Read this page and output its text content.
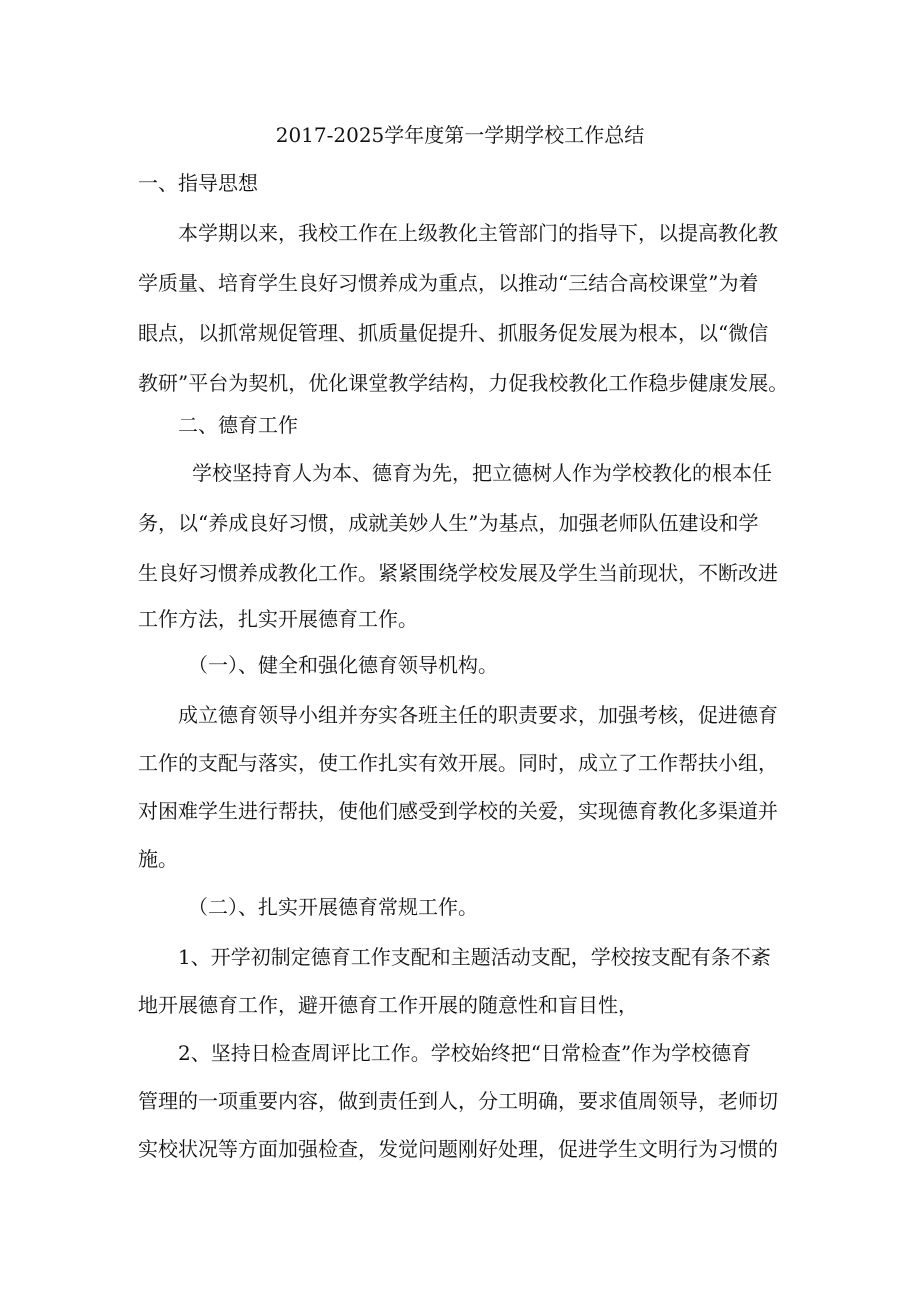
2017-2025学年度第一学期学校工作总结
一、指导思想
本学期以来，我校工作在上级教化主管部门的指导下，以提高教化教
学质量、培育学生良好习惯养成为重点，以推动“三结合高校课堂”为着
眼点，以抓常规促管理、抓质量促提升、抓服务促发展为根本，以“微信
教研”平台为契机，优化课堂教学结构，力促我校教化工作稳步健康发展。
二、德育工作
学校坚持育人为本、德育为先，把立德树人作为学校教化的根本任
务，以“养成良好习惯，成就美妙人生”为基点，加强老师队伍建设和学
生良好习惯养成教化工作。紧紧围绕学校发展及学生当前现状，不断改进
工作方法，扎实开展德育工作。
（一）、健全和强化德育领导机构。
成立德育领导小组并夯实各班主任的职责要求，加强考核，促进德育
工作的支配与落实，使工作扎实有效开展。同时，成立了工作帮扶小组，
对困难学生进行帮扶，使他们感受到学校的关爱，实现德育教化多渠道并
施。
（二）、扎实开展德育常规工作。
1、开学初制定德育工作支配和主题活动支配，学校按支配有条不紊
地开展德育工作，避开德育工作开展的随意性和盲目性，
2、坚持日检查周评比工作。学校始终把“日常检查”作为学校德育
管理的一项重要内容，做到责任到人，分工明确，要求值周领导，老师切
实校状况等方面加强检查，发觉问题刚好处理，促进学生文明行为习惯的
